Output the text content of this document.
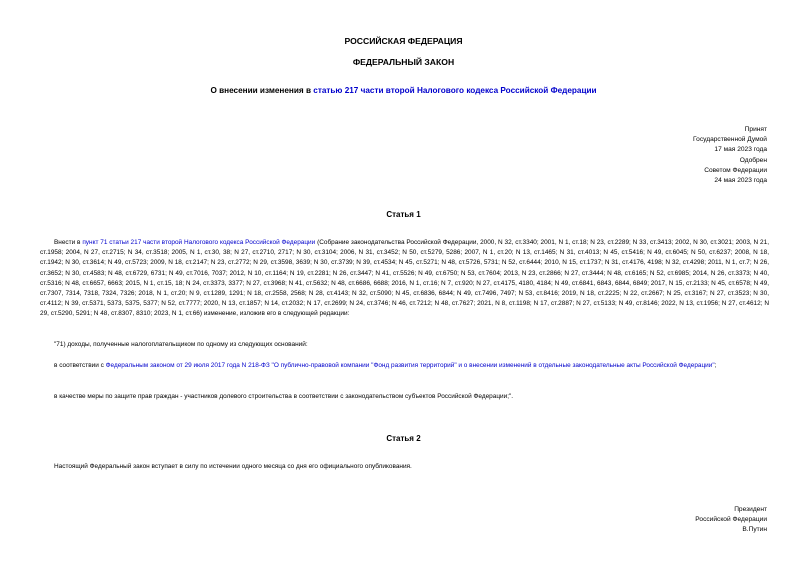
РОССИЙСКАЯ ФЕДЕРАЦИЯ
ФЕДЕРАЛЬНЫЙ ЗАКОН
О внесении изменения в статью 217 части второй Налогового кодекса Российской Федерации
Принят
Государственной Думой
17 мая 2023 года
Одобрен
Советом Федерации
24 мая 2023 года
Статья 1
Внести в пункт 71 статьи 217 части второй Налогового кодекса Российской Федерации (Собрание законодательства Российской Федерации, 2000, N 32, ст.3340; 2001, N 1, ст.18; N 23, ст.2289; N 33, ст.3413; 2002, N 30, ст.3021; 2003, N 21, ст.1958; 2004, N 27, ст.2715; N 34, ст.3518; 2005, N 1, ст.30, 38; N 27, ст.2710, 2717; N 30, ст.3104; 2006, N 31, ст.3452; N 50, ст.5279, 5286; 2007, N 1, ст.20; N 13, ст.1465; N 31, ст.4013; N 45, ст.5416; N 49, ст.6045; N 50, ст.6237; 2008, N 18, ст.1942; N 30, ст.3614; N 49, ст.5723; 2009, N 18, ст.2147; N 23, ст.2772; N 29, ст.3598, 3639; N 30, ст.3739; N 39, ст.4534; N 45, ст.5271; N 48, ст.5726, 5731; N 52, ст.6444; 2010, N 15, ст.1737; N 31, ст.4176, 4198; N 32, ст.4298; 2011, N 1, ст.7; N 26, ст.3652; N 30, ст.4583; N 48, ст.6729, 6731; N 49, ст.7016, 7037; 2012, N 10, ст.1164; N 19, ст.2281; N 26, ст.3447; N 41, ст.5526; N 49, ст.6750; N 53, ст.7604; 2013, N 23, ст.2866; N 27, ст.3444; N 48, ст.6165; N 52, ст.6985; 2014, N 26, ст.3373; N 40, ст.5316; N 48, ст.6657, 6663; 2015, N 1, ст.15, 18; N 24, ст.3373, 3377; N 27, ст.3968; N 41, ст.5632; N 48, ст.6686, 6688; 2016, N 1, ст.16; N 7, ст.920; N 27, ст.4175, 4180, 4184; N 49, ст.6841, 6843, 6844, 6849; 2017, N 15, ст.2133; N 45, ст.6578; N 49, ст.7307, 7314, 7318, 7324, 7326; 2018, N 1, ст.20; N 9, ст.1289, 1291; N 18, ст.2558, 2568; N 28, ст.4143; N 32, ст.5090; N 45, ст.6836, 6844; N 49, ст.7496, 7497; N 53, ст.8416; 2019, N 18, ст.2225; N 22, ст.2667; N 25, ст.3167; N 27, ст.3523; N 30, ст.4112; N 39, ст.5371, 5373, 5375, 5377; N 52, ст.7777; 2020, N 13, ст.1857; N 14, ст.2032; N 17, ст.2699; N 24, ст.3746; N 46, ст.7212; N 48, ст.7627; 2021, N 8, ст.1198; N 17, ст.2887; N 27, ст.5133; N 49, ст.8146; 2022, N 13, ст.1956; N 27, ст.4612; N 29, ст.5290, 5291; N 48, ст.8307, 8310; 2023, N 1, ст.66) изменение, изложив его в следующей редакции:
"71) доходы, полученные налогоплательщиком по одному из следующих оснований:
в соответствии с Федеральным законом от 29 июля 2017 года N 218-ФЗ "О публично-правовой компании "Фонд развития территорий" и о внесении изменений в отдельные законодательные акты Российской Федерации";
в качестве меры по защите прав граждан - участников долевого строительства в соответствии с законодательством субъектов Российской Федерации;".
Статья 2
Настоящий Федеральный закон вступает в силу по истечении одного месяца со дня его официального опубликования.
Президент
Российской Федерации
В.Путин
